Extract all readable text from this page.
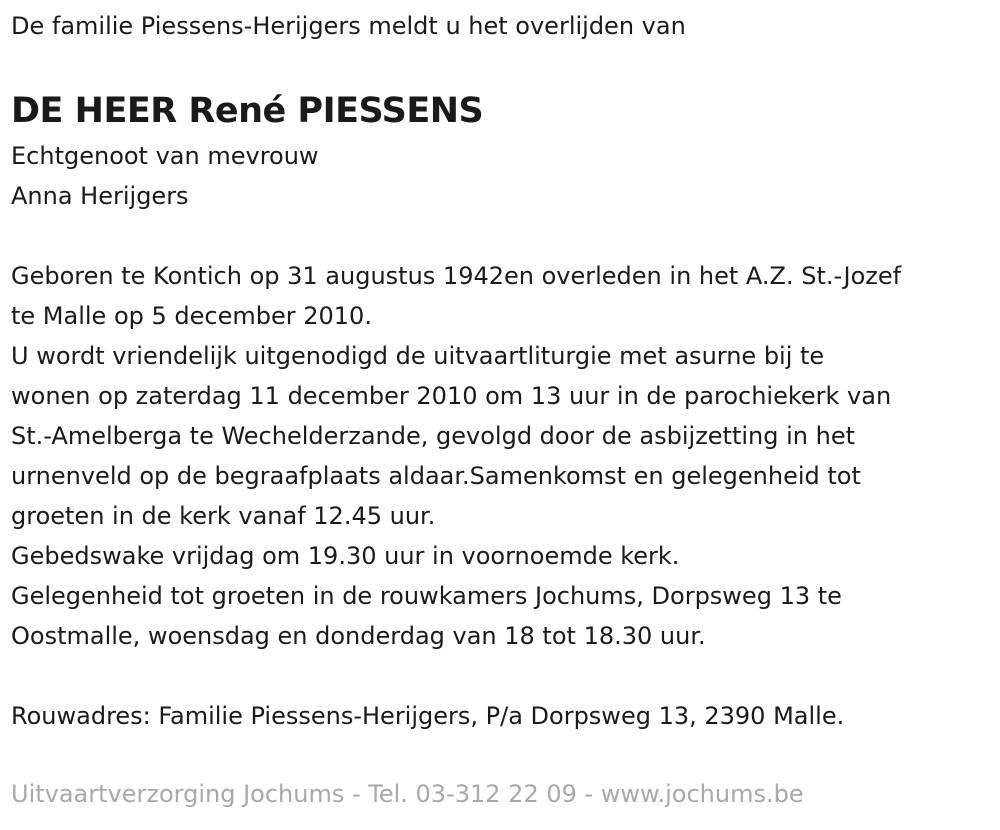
De familie Piessens-Herijgers meldt u het overlijden van
DE HEER René PIESSENS
Echtgenoot van mevrouw
Anna Herijgers
Geboren te Kontich op 31 augustus 1942en overleden in het A.Z. St.-Jozef
te Malle op 5 december 2010.
U wordt vriendelijk uitgenodigd de uitvaartliturgie met asurne bij te
wonen op zaterdag 11 december 2010 om 13 uur in de parochiekerk van
St.-Amelberga te Wechelderzande, gevolgd door de asbijzetting in het
urnenveld op de begraafplaats aldaar.Samenkomst en gelegenheid tot
groeten in de kerk vanaf 12.45 uur.
Gebedswake vrijdag om 19.30 uur in voornoemde kerk.
Gelegenheid tot groeten in de rouwkamers Jochums, Dorpsweg 13 te
Oostmalle, woensdag en donderdag van 18 tot 18.30 uur.
Rouwadres: Familie Piessens-Herijgers, P/a Dorpsweg 13, 2390 Malle.
Uitvaartverzorging Jochums - Tel. 03-312 22 09 - www.jochums.be
